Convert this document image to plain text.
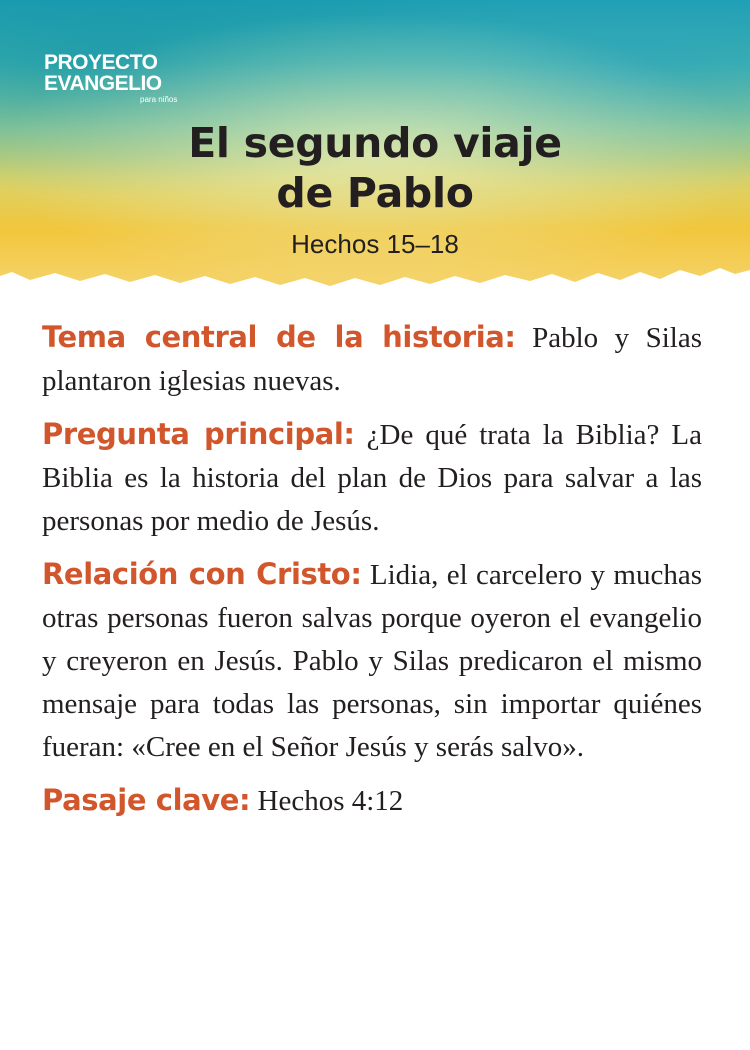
PROYECTO
EVANGELIO
para niños
El segundo viaje
de Pablo
Hechos 15–18

Tema central de la historia: Pablo y Silas plantaron iglesias nuevas.

Pregunta principal: ¿De qué trata la Biblia? La Biblia es la historia del plan de Dios para salvar a las personas por medio de Jesús.

Relación con Cristo: Lidia, el carcelero y muchas otras personas fueron salvas porque oyeron el evangelio y creyeron en Jesús. Pablo y Silas predicaron el mismo mensaje para todas las personas, sin importar quiénes fueran: «Cree en el Señor Jesús y serás salvo».

Pasaje clave: Hechos 4:12
